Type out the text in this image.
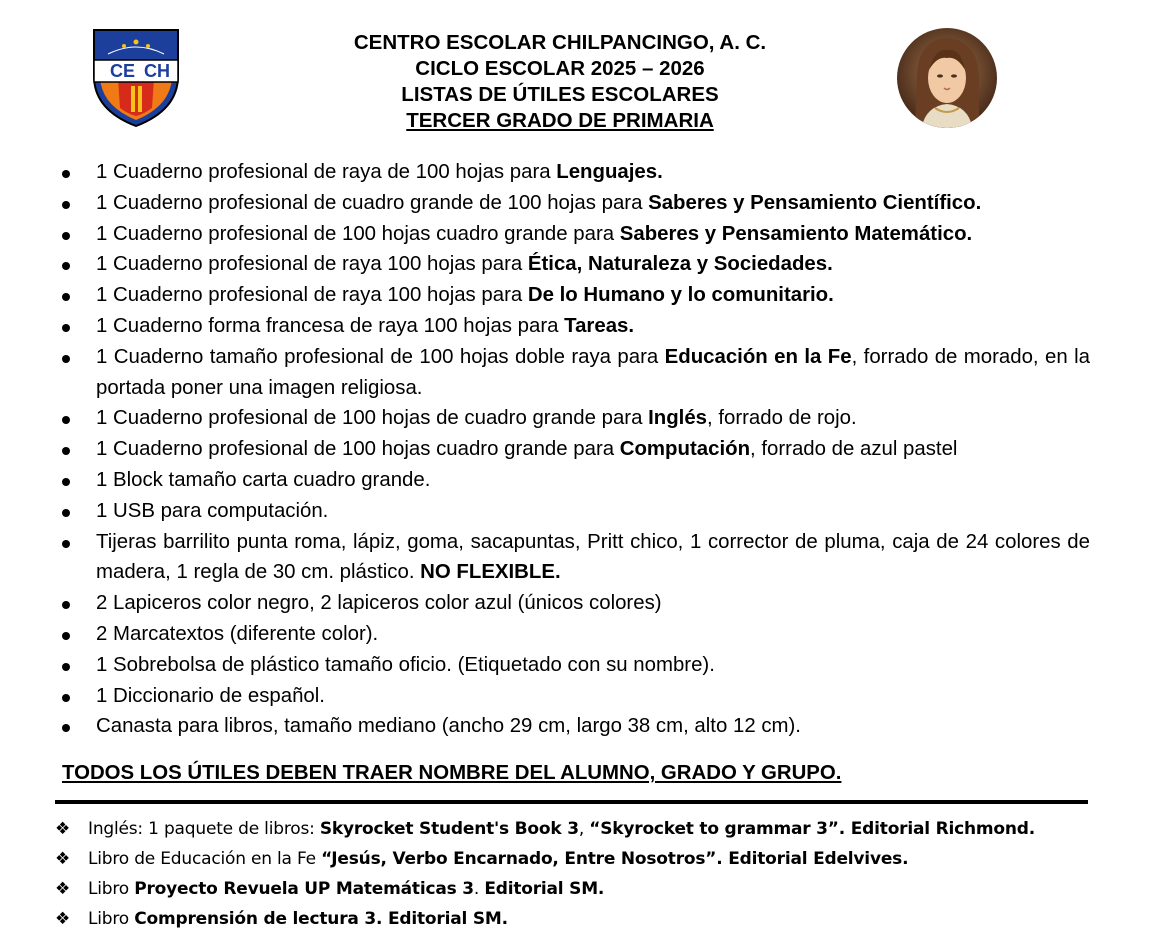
CE CH
CENTRO ESCOLAR CHILPANCINGO, A. C.
CICLO ESCOLAR 2025 – 2026
LISTAS DE ÚTILES ESCOLARES
TERCER GRADO DE PRIMARIA
1 Cuaderno profesional de raya de 100 hojas para Lenguajes.
1 Cuaderno profesional de cuadro grande de 100 hojas para Saberes y Pensamiento Científico.
1 Cuaderno profesional de 100 hojas cuadro grande para Saberes y Pensamiento Matemático.
1 Cuaderno profesional de raya 100 hojas para Ética, Naturaleza y Sociedades.
1 Cuaderno profesional de raya 100 hojas para De lo Humano y lo comunitario.
1 Cuaderno forma francesa de raya 100 hojas para Tareas.
1 Cuaderno tamaño profesional de 100 hojas doble raya para Educación en la Fe, forrado de morado, en la portada poner una imagen religiosa.
1 Cuaderno profesional de 100 hojas de cuadro grande para Inglés, forrado de rojo.
1 Cuaderno profesional de 100 hojas cuadro grande para Computación, forrado de azul pastel
1 Block tamaño carta cuadro grande.
1 USB para computación.
Tijeras barrilito punta roma, lápiz, goma, sacapuntas, Pritt chico, 1 corrector de pluma, caja de 24 colores de madera, 1 regla de 30 cm. plástico. NO FLEXIBLE.
2 Lapiceros color negro, 2 lapiceros color azul (únicos colores)
2 Marcatextos (diferente color).
1 Sobrebolsa de plástico tamaño oficio. (Etiquetado con su nombre).
1 Diccionario de español.
Canasta para libros, tamaño mediano (ancho 29 cm, largo 38 cm, alto 12 cm).
TODOS LOS ÚTILES DEBEN TRAER NOMBRE DEL ALUMNO, GRADO Y GRUPO.
❖ Inglés: 1 paquete de libros: Skyrocket Student's Book 3, “Skyrocket to grammar 3”. Editorial Richmond.
❖ Libro de Educación en la Fe “Jesús, Verbo Encarnado, Entre Nosotros”. Editorial Edelvives.
❖ Libro Proyecto Revuela UP Matemáticas 3. Editorial SM.
❖ Libro Comprensión de lectura 3. Editorial SM.
